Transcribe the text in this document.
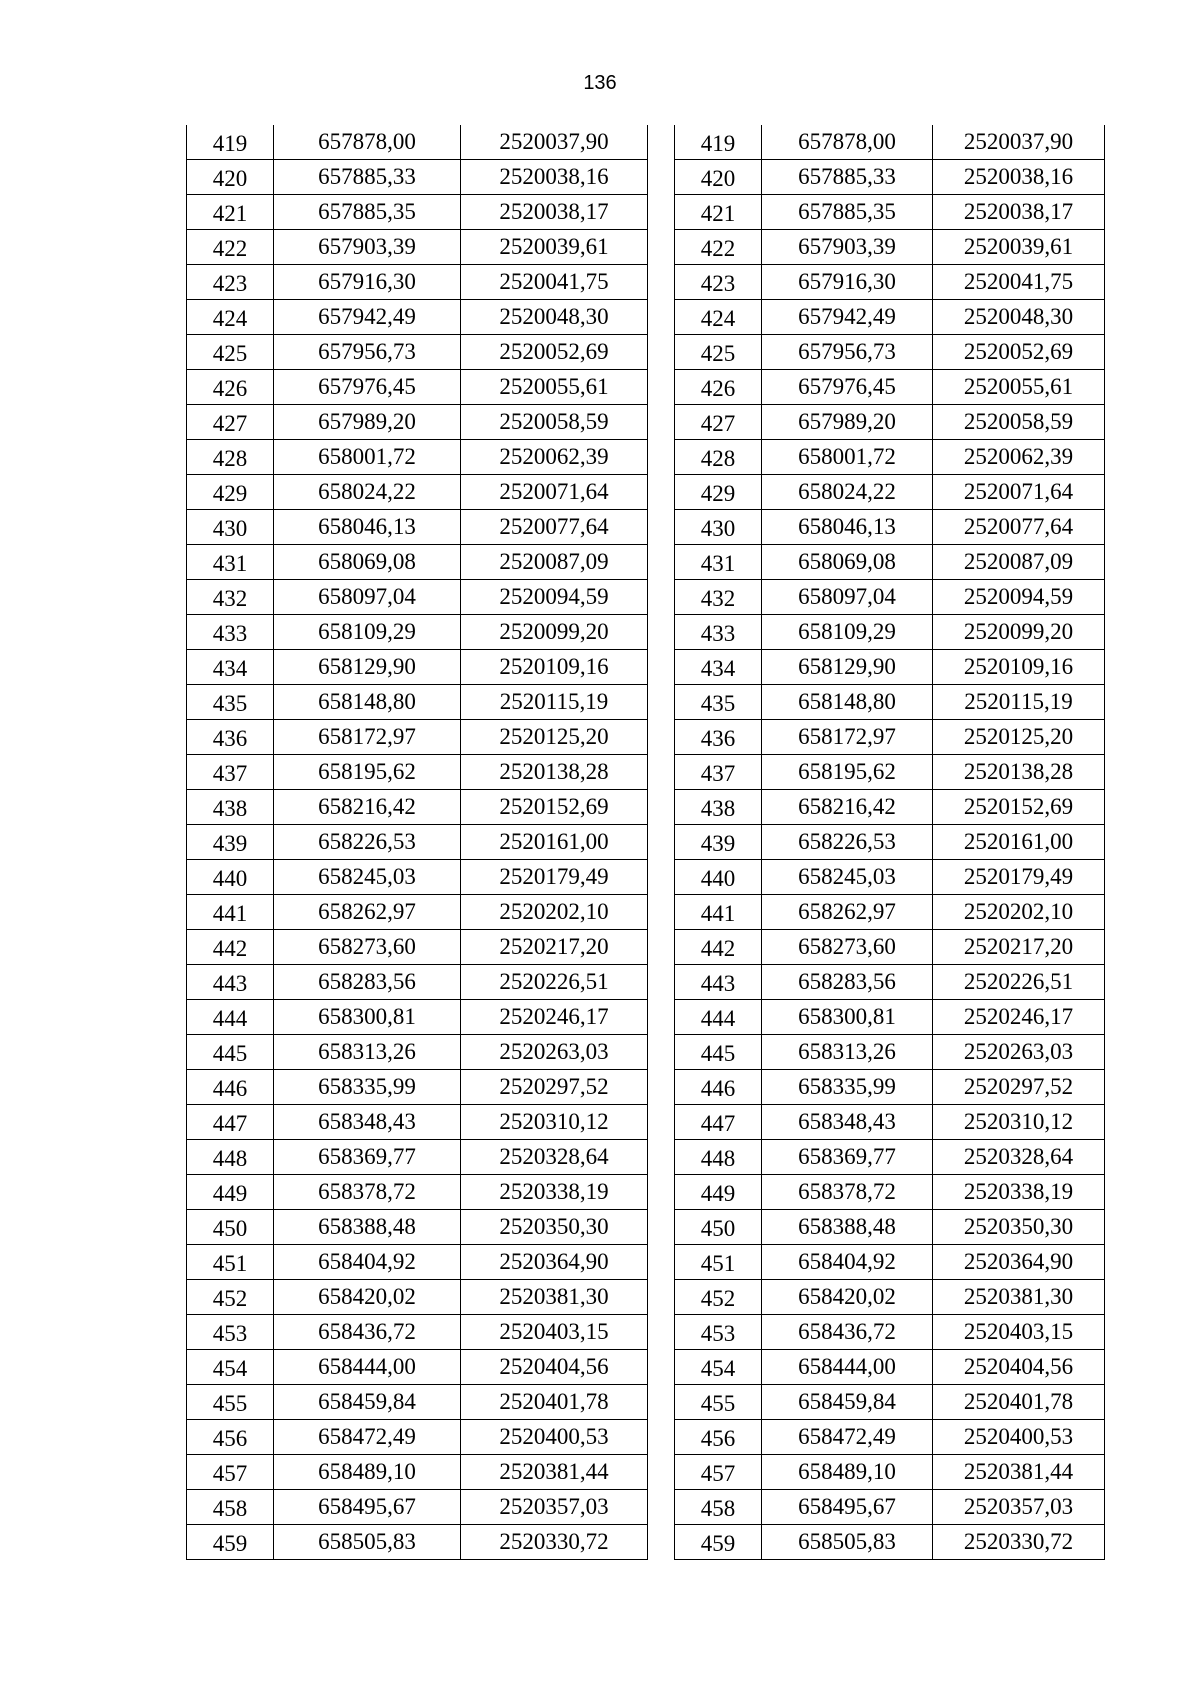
136
419	657878,00	2520037,90
420	657885,33	2520038,16
421	657885,35	2520038,17
422	657903,39	2520039,61
423	657916,30	2520041,75
424	657942,49	2520048,30
425	657956,73	2520052,69
426	657976,45	2520055,61
427	657989,20	2520058,59
428	658001,72	2520062,39
429	658024,22	2520071,64
430	658046,13	2520077,64
431	658069,08	2520087,09
432	658097,04	2520094,59
433	658109,29	2520099,20
434	658129,90	2520109,16
435	658148,80	2520115,19
436	658172,97	2520125,20
437	658195,62	2520138,28
438	658216,42	2520152,69
439	658226,53	2520161,00
440	658245,03	2520179,49
441	658262,97	2520202,10
442	658273,60	2520217,20
443	658283,56	2520226,51
444	658300,81	2520246,17
445	658313,26	2520263,03
446	658335,99	2520297,52
447	658348,43	2520310,12
448	658369,77	2520328,64
449	658378,72	2520338,19
450	658388,48	2520350,30
451	658404,92	2520364,90
452	658420,02	2520381,30
453	658436,72	2520403,15
454	658444,00	2520404,56
455	658459,84	2520401,78
456	658472,49	2520400,53
457	658489,10	2520381,44
458	658495,67	2520357,03
459	658505,83	2520330,72
419	657878,00	2520037,90
420	657885,33	2520038,16
421	657885,35	2520038,17
422	657903,39	2520039,61
423	657916,30	2520041,75
424	657942,49	2520048,30
425	657956,73	2520052,69
426	657976,45	2520055,61
427	657989,20	2520058,59
428	658001,72	2520062,39
429	658024,22	2520071,64
430	658046,13	2520077,64
431	658069,08	2520087,09
432	658097,04	2520094,59
433	658109,29	2520099,20
434	658129,90	2520109,16
435	658148,80	2520115,19
436	658172,97	2520125,20
437	658195,62	2520138,28
438	658216,42	2520152,69
439	658226,53	2520161,00
440	658245,03	2520179,49
441	658262,97	2520202,10
442	658273,60	2520217,20
443	658283,56	2520226,51
444	658300,81	2520246,17
445	658313,26	2520263,03
446	658335,99	2520297,52
447	658348,43	2520310,12
448	658369,77	2520328,64
449	658378,72	2520338,19
450	658388,48	2520350,30
451	658404,92	2520364,90
452	658420,02	2520381,30
453	658436,72	2520403,15
454	658444,00	2520404,56
455	658459,84	2520401,78
456	658472,49	2520400,53
457	658489,10	2520381,44
458	658495,67	2520357,03
459	658505,83	2520330,72
